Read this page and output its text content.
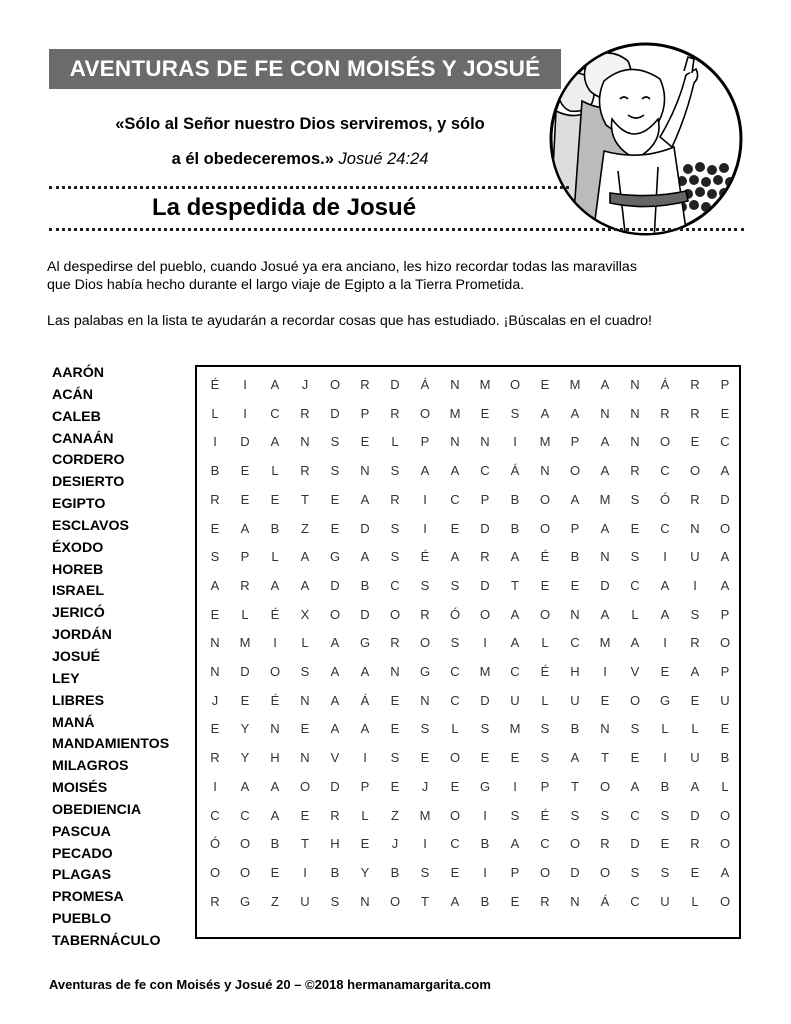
AVENTURAS DE FE CON MOISÉS Y JOSUÉ
«Sólo al Señor nuestro Dios serviremos, y sólo
a él obedeceremos.» Josué 24:24
La despedida de Josué
Al despedirse del pueblo, cuando Josué ya era anciano, les hizo recordar todas las maravillas
que Dios había hecho durante el largo viaje de Egipto a la Tierra Prometida.
Las palabas en la lista te ayudarán a recordar cosas que has estudiado. ¡Búscalas en el cuadro!
AARÓN
ACÁN
CALEB
CANAÁN
CORDERO
DESIERTO
EGIPTO
ESCLAVOS
ÉXODO
HOREB
ISRAEL
JERICÓ
JORDÁN
JOSUÉ
LEY
LIBRES
MANÁ
MANDAMIENTOS
MILAGROS
MOISÉS
OBEDIENCIA
PASCUA
PECADO
PLAGAS
PROMESA
PUEBLO
TABERNÁCULO
É	I	A	J	O	R	D	Á	N	M	O	E	M	A	N	Á	R	P
L	I	C	R	D	P	R	O	M	E	S	A	A	N	N	R	R	E
I	D	A	N	S	E	L	P	N	N	I	M	P	A	N	O	E	C
B	E	L	R	S	N	S	A	A	C	Á	N	O	A	R	C	O	A
R	E	E	T	E	A	R	I	C	P	B	O	A	M	S	Ó	R	D
E	A	B	Z	E	D	S	I	E	D	B	O	P	A	E	C	N	O
S	P	L	A	G	A	S	É	A	R	A	É	B	N	S	I	U	A
A	R	A	A	D	B	C	S	S	D	T	E	E	D	C	A	I	A
E	L	É	X	O	D	O	R	Ó	O	A	O	N	A	L	A	S	P
N	M	I	L	A	G	R	O	S	I	A	L	C	M	A	I	R	O
N	D	O	S	A	A	N	G	C	M	C	É	H	I	V	E	A	P
J	E	É	N	A	Á	E	N	C	D	U	L	U	E	O	G	E	U
E	Y	N	E	A	A	E	S	L	S	M	S	B	N	S	L	L	E
R	Y	H	N	V	I	S	E	O	E	E	S	A	T	E	I	U	B
I	A	A	O	D	P	E	J	E	G	I	P	T	O	A	B	A	L
C	C	A	E	R	L	Z	M	O	I	S	É	S	S	C	S	D	O
Ó	O	B	T	H	E	J	I	C	B	A	C	O	R	D	E	R	O
O	O	E	I	B	Y	B	S	E	I	P	O	D	O	S	S	E	A
R	G	Z	U	S	N	O	T	A	B	E	R	N	Á	C	U	L	O
Aventuras de fe con Moisés y Josué 20 – ©2018 hermanamargarita.com
